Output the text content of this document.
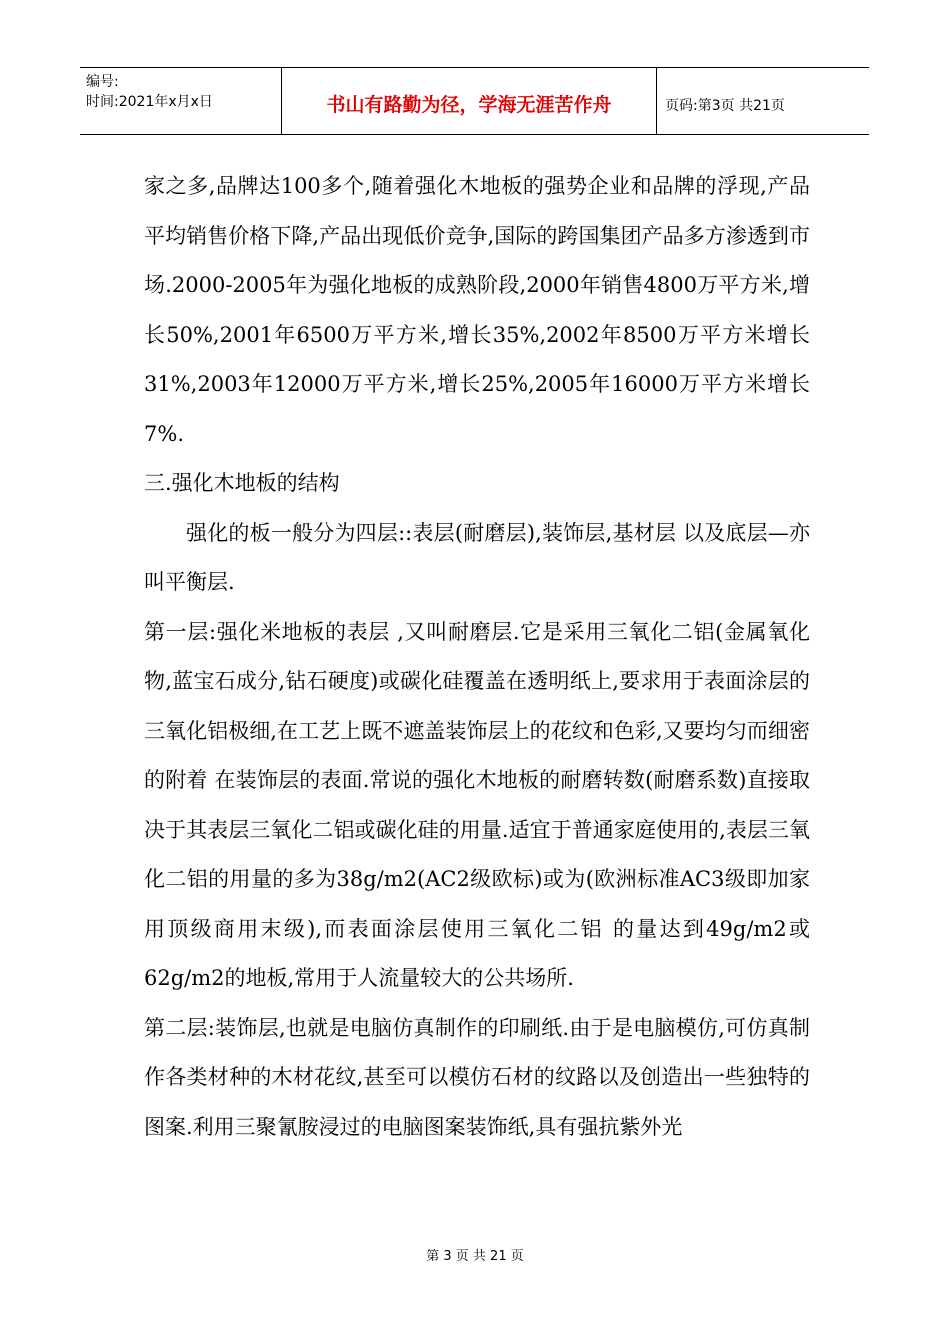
编号:
时间:2021年x月x日	书山有路勤为径，学海无涯苦作舟	页码:第3页 共21页

家之多,品牌达100多个,随着强化木地板的强势企业和品牌的浮现,产品平均销售价格下降,产品出现低价竞争,国际的跨国集团产品多方渗透到市场.2000-2005年为强化地板的成熟阶段,2000年销售4800万平方米,增长50%,2001年6500万平方米,增长35%,2002年8500万平方米增长31%,2003年12000万平方米,增长25%,2005年16000万平方米增长7%.

三.强化木地板的结构

强化的板一般分为四层::表层(耐磨层),装饰层,基材层 以及底层—亦叫平衡层.

第一层:强化米地板的表层 ,又叫耐磨层.它是采用三氧化二铝(金属氧化物,蓝宝石成分,钻石硬度)或碳化硅覆盖在透明纸上,要求用于表面涂层的三氧化铝极细,在工艺上既不遮盖装饰层上的花纹和色彩,又要均匀而细密的附着 在装饰层的表面.常说的强化木地板的耐磨转数(耐磨系数)直接取决于其表层三氧化二铝或碳化硅的用量.适宜于普通家庭使用的,表层三氧化二铝的用量的多为38g/m2(AC2级欧标)或为(欧洲标准AC3级即加家用顶级商用末级),而表面涂层使用三氧化二铝 的量达到49g/m2或62g/m2的地板,常用于人流量较大的公共场所.

第二层:装饰层,也就是电脑仿真制作的印刷纸.由于是电脑模仿,可仿真制作各类材种的木材花纹,甚至可以模仿石材的纹路以及创造出一些独特的图案.利用三聚氰胺浸过的电脑图案装饰纸,具有强抗紫外光

第 3 页 共 21 页
